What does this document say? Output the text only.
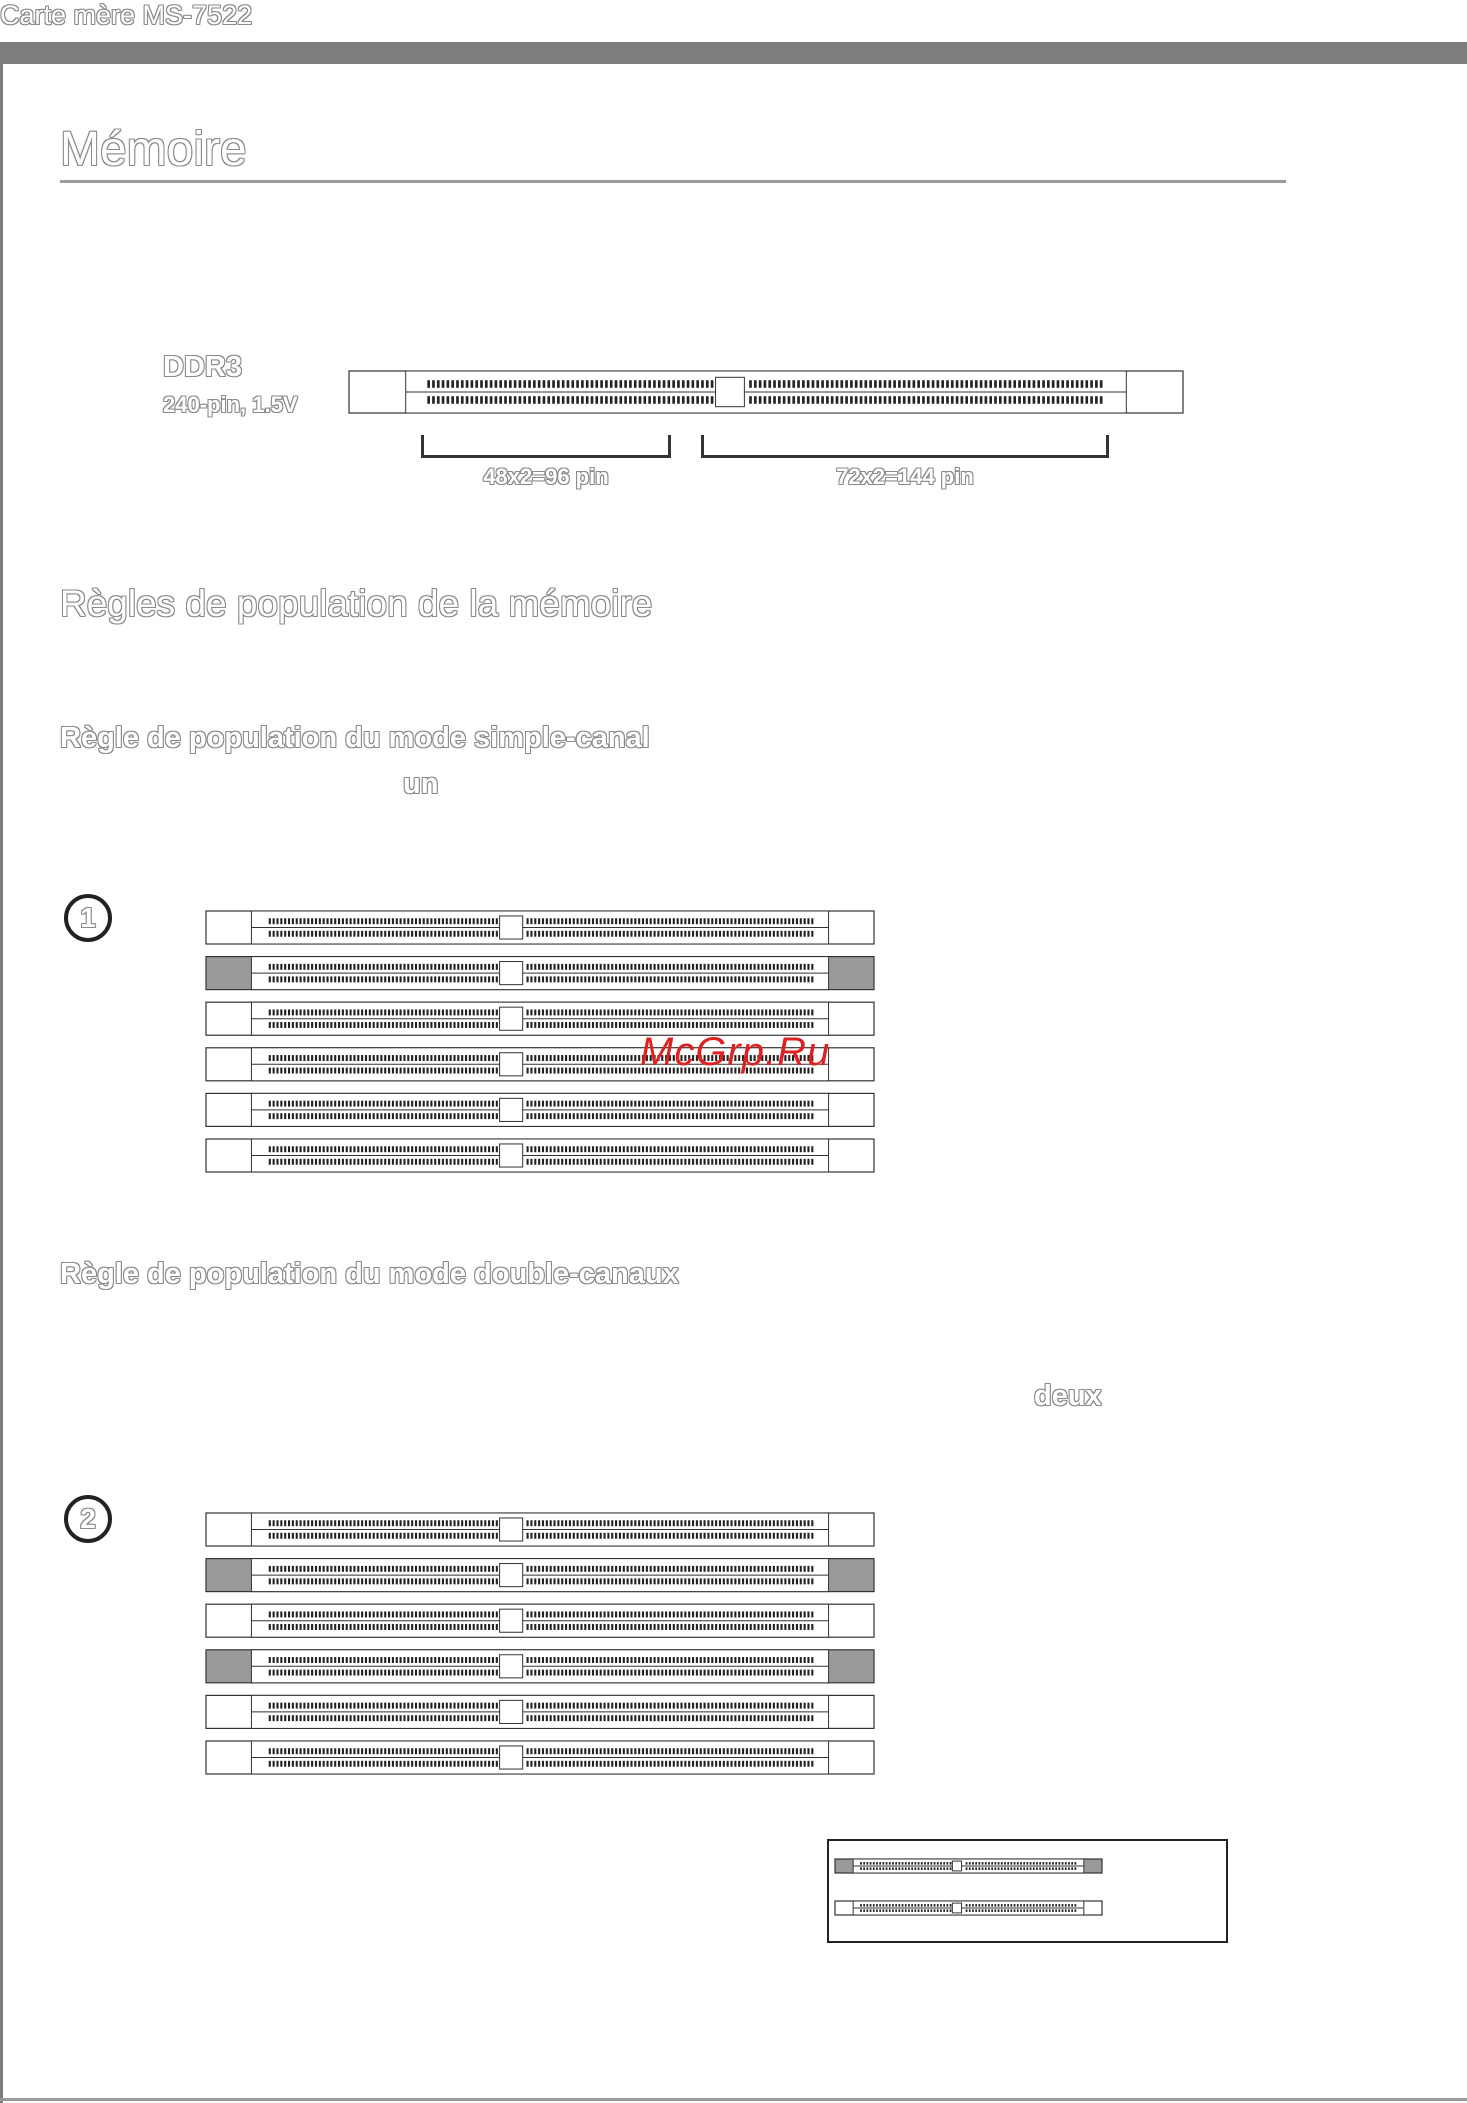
Carte mère MS-7522
Mémoire
DDR3
240-pin, 1.5V
48x2=96 pin	72x2=144 pin
Règles de population de la mémoire
Règle de population du mode simple-canal
un
Règle de population du mode double-canaux
deux
1
2
McGrp.Ru
